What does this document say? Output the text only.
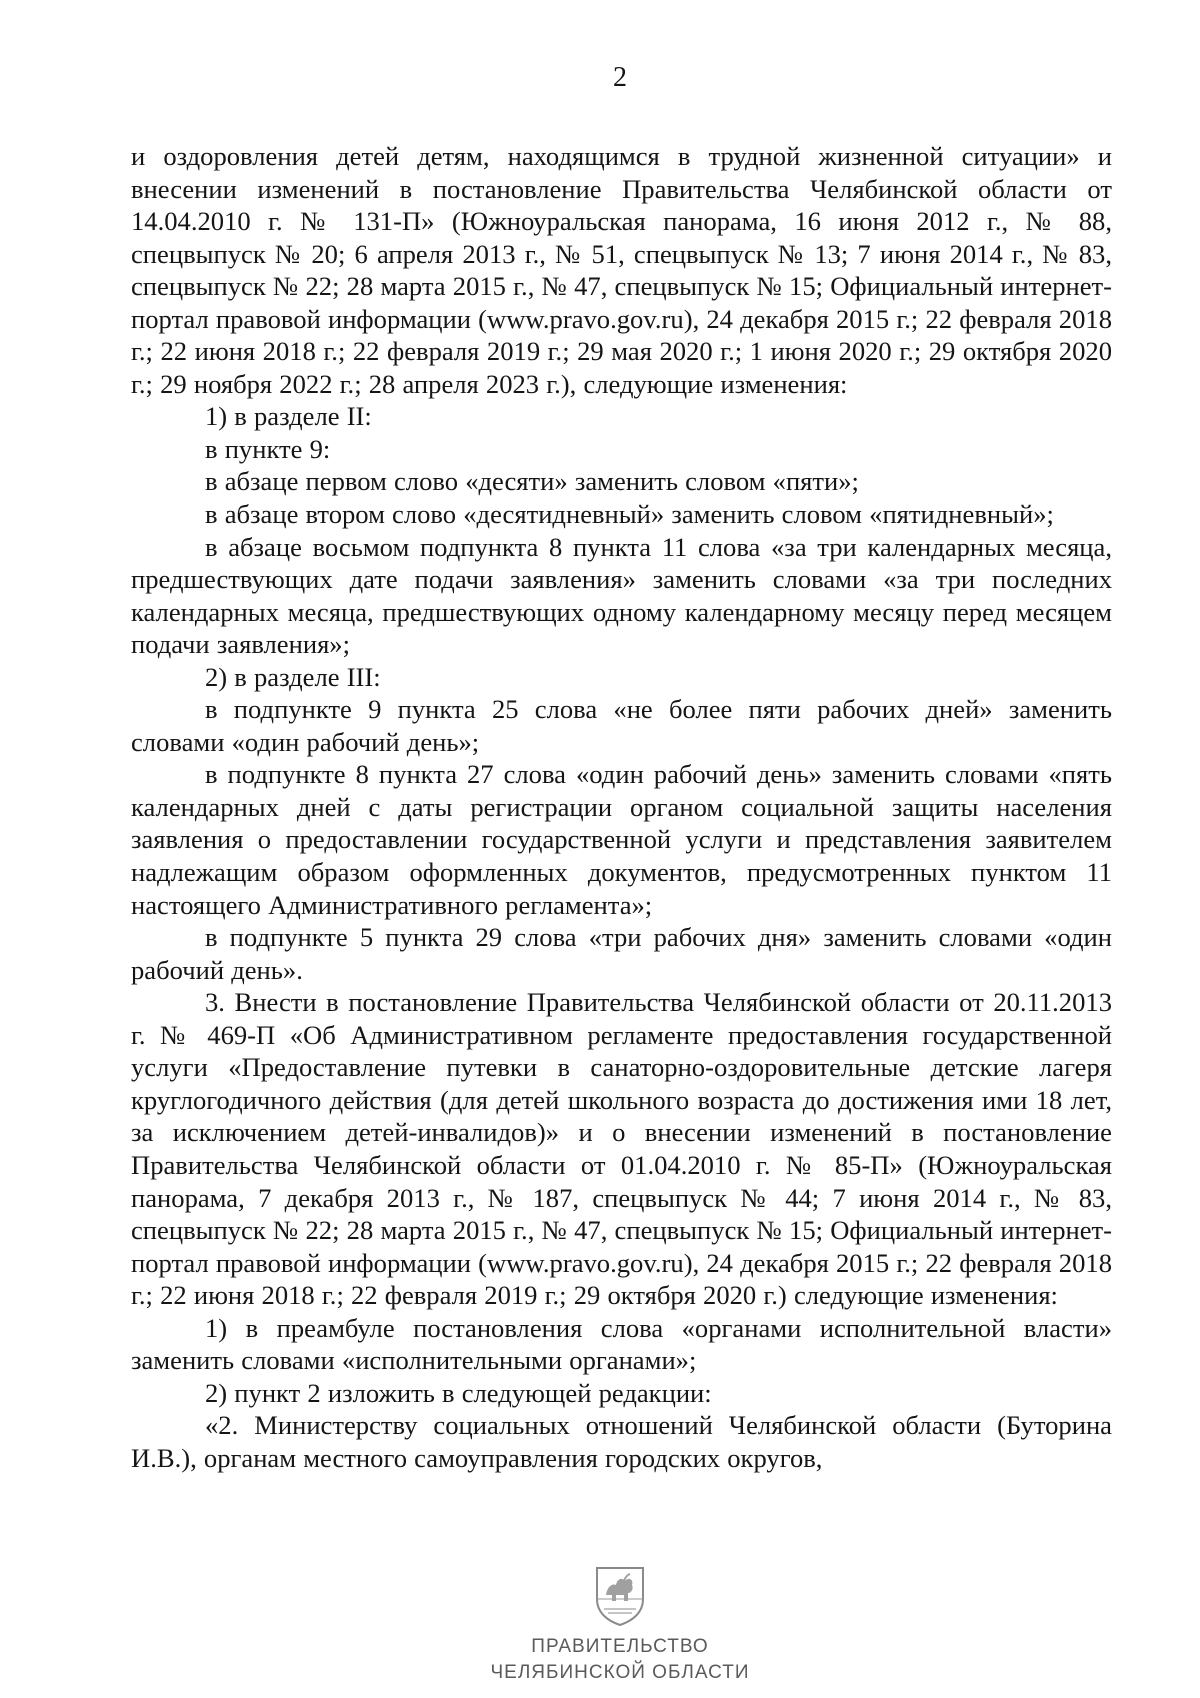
2

и оздоровления детей детям, находящимся в трудной жизненной ситуации» и внесении изменений в постановление Правительства Челябинской области от 14.04.2010 г. № 131-П» (Южноуральская панорама, 16 июня 2012 г., № 88, спецвыпуск № 20; 6 апреля 2013 г., № 51, спецвыпуск № 13; 7 июня 2014 г., № 83, спецвыпуск № 22; 28 марта 2015 г., № 47, спецвыпуск № 15; Официальный интернет-портал правовой информации (www.pravo.gov.ru), 24 декабря 2015 г.; 22 февраля 2018 г.; 22 июня 2018 г.; 22 февраля 2019 г.; 29 мая 2020 г.; 1 июня 2020 г.; 29 октября 2020 г.; 29 ноября 2022 г.; 28 апреля 2023 г.), следующие изменения:

1) в разделе II:

в пункте 9:

в абзаце первом слово «десяти» заменить словом «пяти»;

в абзаце втором слово «десятидневный» заменить словом «пятидневный»;

в абзаце восьмом подпункта 8 пункта 11 слова «за три календарных месяца, предшествующих дате подачи заявления» заменить словами «за три последних календарных месяца, предшествующих одному календарному месяцу перед месяцем подачи заявления»;

2) в разделе III:

в подпункте 9 пункта 25 слова «не более пяти рабочих дней» заменить словами «один рабочий день»;

в подпункте 8 пункта 27 слова «один рабочий день» заменить словами «пять календарных дней с даты регистрации органом социальной защиты населения заявления о предоставлении государственной услуги и представления заявителем надлежащим образом оформленных документов, предусмотренных пунктом 11 настоящего Административного регламента»;

в подпункте 5 пункта 29 слова «три рабочих дня» заменить словами «один рабочий день».

3. Внести в постановление Правительства Челябинской области от 20.11.2013 г. № 469-П «Об Административном регламенте предоставления государственной услуги «Предоставление путевки в санаторно-оздоровительные детские лагеря круглогодичного действия (для детей школьного возраста до достижения ими 18 лет, за исключением детей-инвалидов)» и о внесении изменений в постановление Правительства Челябинской области от 01.04.2010 г. № 85-П» (Южноуральская панорама, 7 декабря 2013 г., № 187, спецвыпуск № 44; 7 июня 2014 г., № 83, спецвыпуск № 22; 28 марта 2015 г., № 47, спецвыпуск № 15; Официальный интернет-портал правовой информации (www.pravo.gov.ru), 24 декабря 2015 г.; 22 февраля 2018 г.; 22 июня 2018 г.; 22 февраля 2019 г.; 29 октября 2020 г.) следующие изменения:

1) в преамбуле постановления слова «органами исполнительной власти» заменить словами «исполнительными органами»;

2) пункт 2 изложить в следующей редакции:

«2. Министерству социальных отношений Челябинской области (Буторина И.В.), органам местного самоуправления городских округов,

ПРАВИТЕЛЬСТВО
ЧЕЛЯБИНСКОЙ ОБЛАСТИ
